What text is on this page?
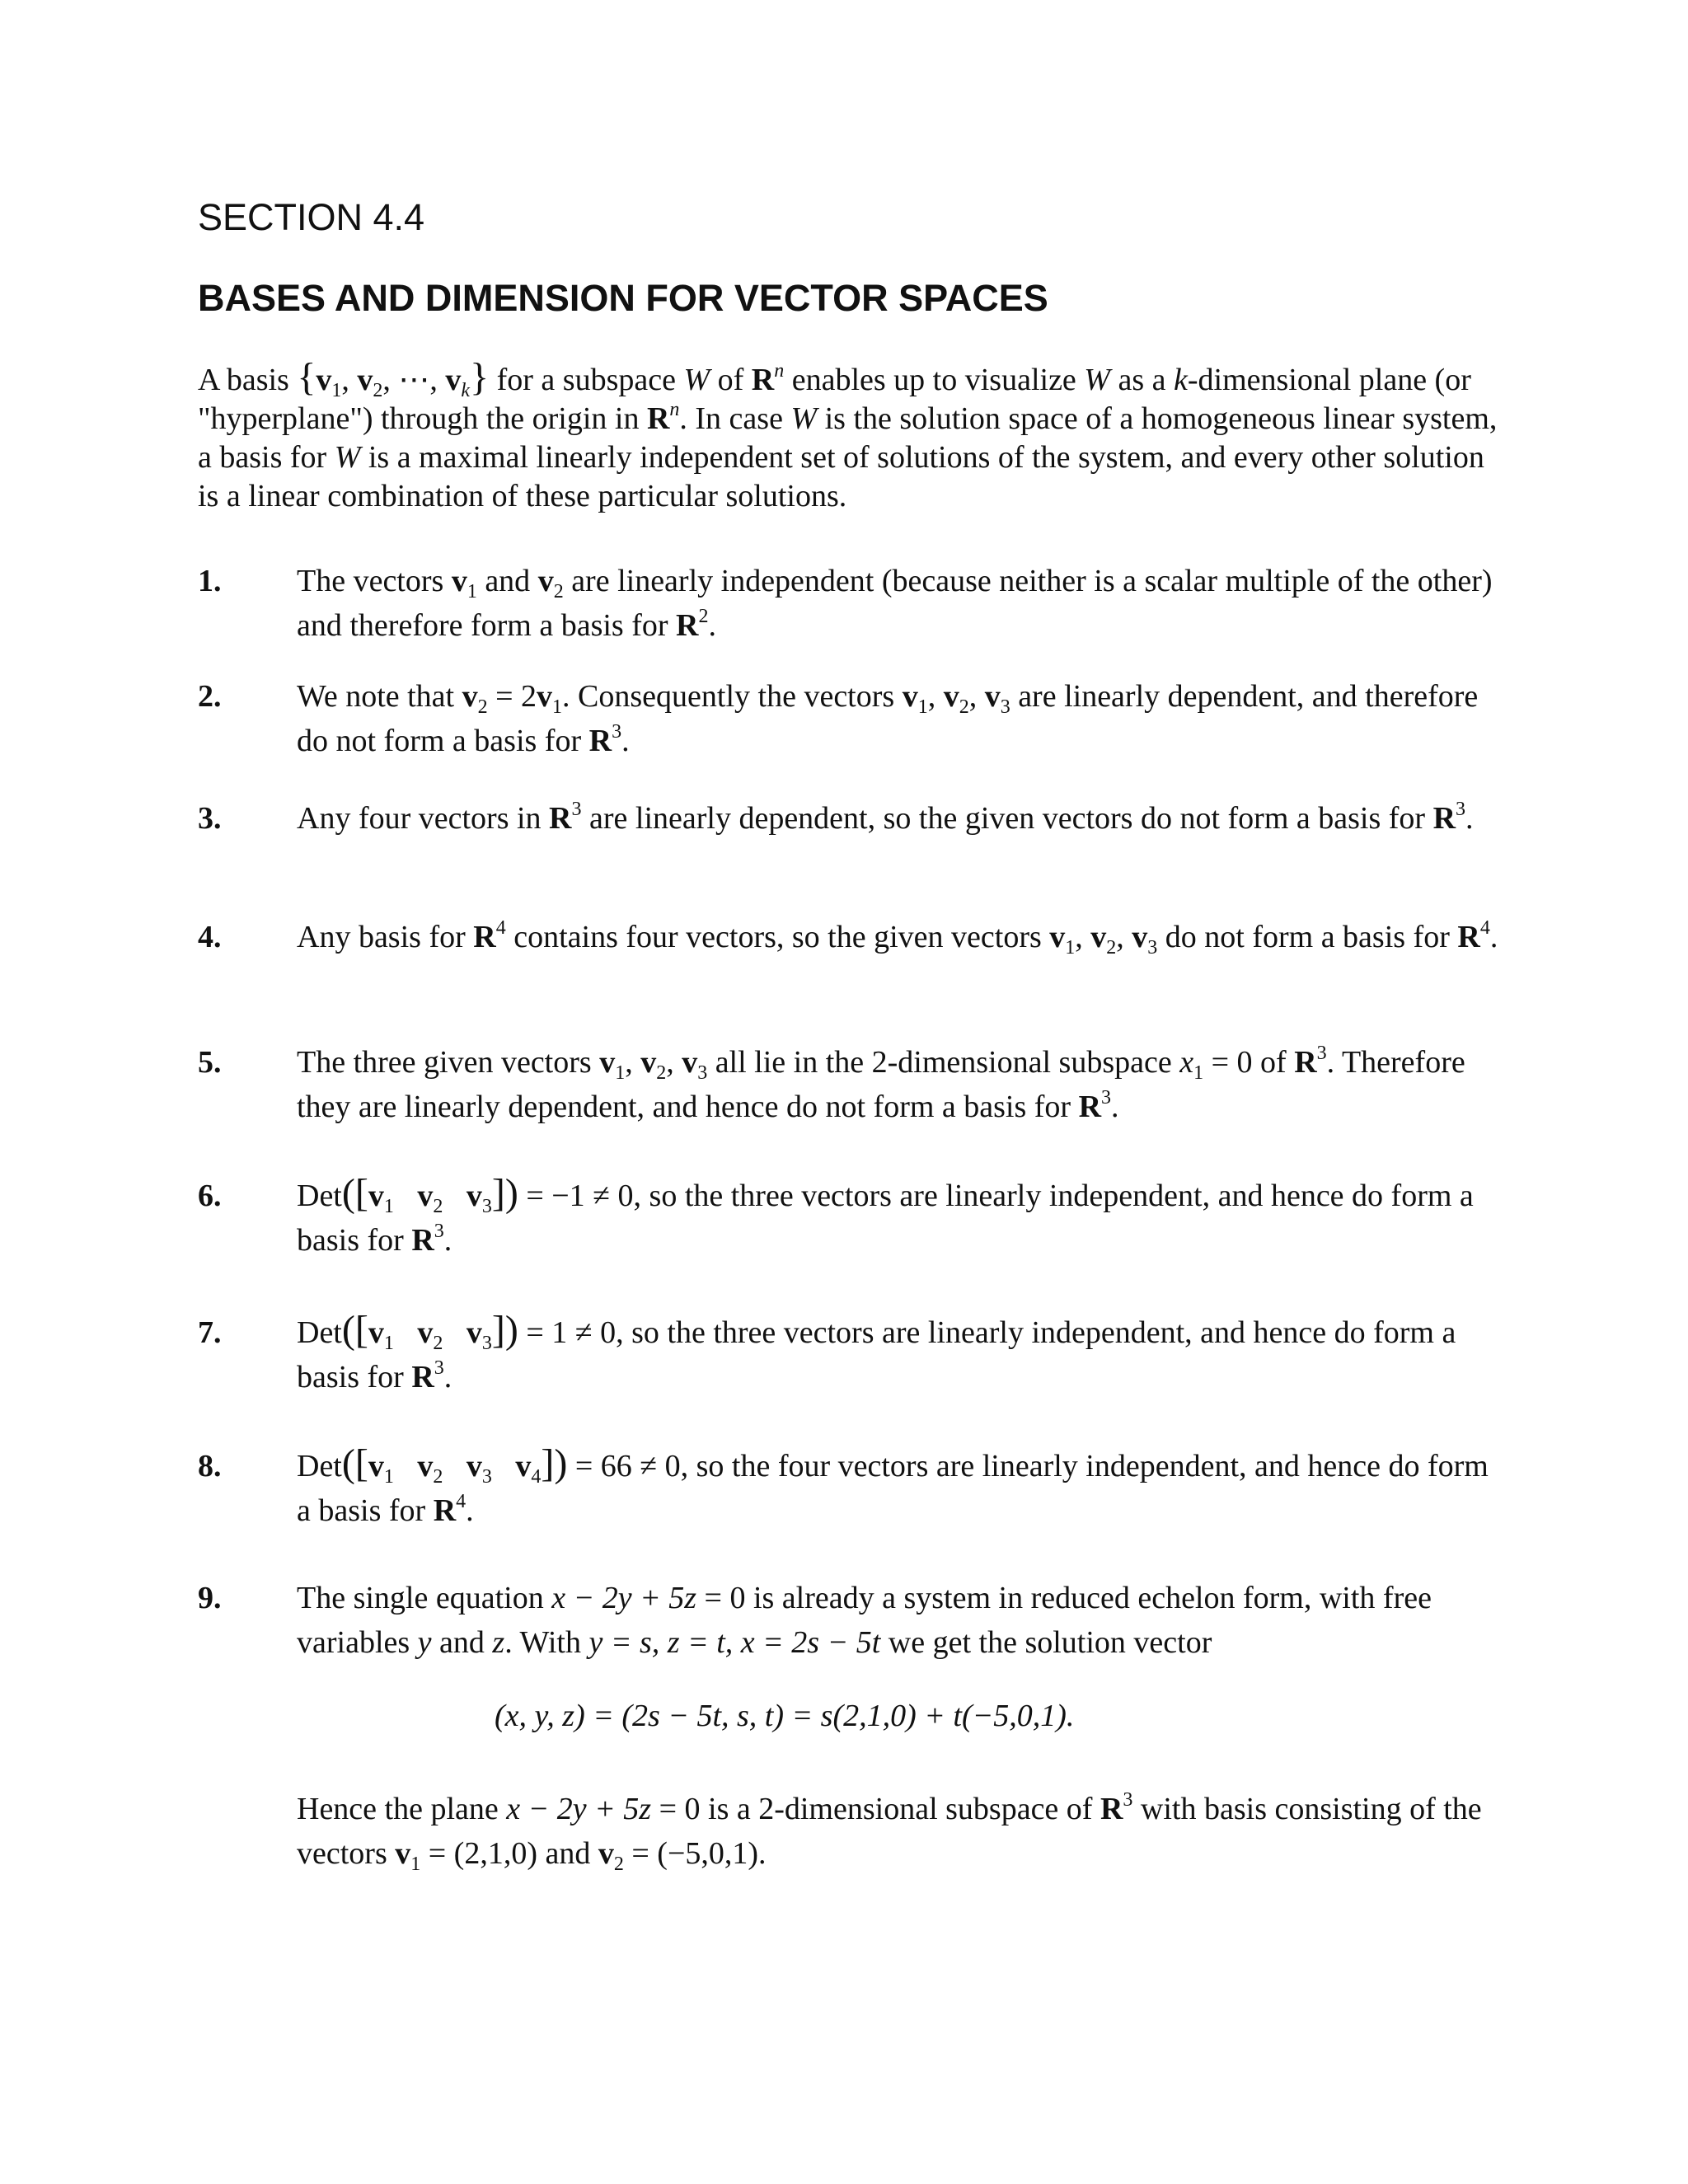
SECTION 4.4
BASES AND DIMENSION FOR VECTOR SPACES
A basis {$v_1$, $v_2$, ⋯, $v_k$} for a subspace W of $R^n$ enables up to visualize W as a k-dimensional plane (or "hyperplane") through the origin in $R^n$. In case W is the solution space of a homogeneous linear system, a basis for W is a maximal linearly independent set of solutions of the system, and every other solution is a linear combination of these particular solutions.
1. The vectors $v_1$ and $v_2$ are linearly independent (because neither is a scalar multiple of the other) and therefore form a basis for $R^2$.
2. We note that $v_2 = 2v_1$. Consequently the vectors $v_1$, $v_2$, $v_3$ are linearly dependent, and therefore do not form a basis for $R^3$.
3. Any four vectors in $R^3$ are linearly dependent, so the given vectors do not form a basis for $R^3$.
4. Any basis for $R^4$ contains four vectors, so the given vectors $v_1$, $v_2$, $v_3$ do not form a basis for $R^4$.
5. The three given vectors $v_1$, $v_2$, $v_3$ all lie in the 2-dimensional subspace $x_1 = 0$ of $R^3$. Therefore they are linearly dependent, and hence do not form a basis for $R^3$.
6. $Det([v_1$ $v_2$ $v_3]) = -1 \ne 0$, so the three vectors are linearly independent, and hence do form a basis for $R^3$.
7. $Det([v_1$ $v_2$ $v_3]) = 1 \ne 0$, so the three vectors are linearly independent, and hence do form a basis for $R^3$.
8. $Det([v_1$ $v_2$ $v_3$ $v_4]) = 66 \ne 0$, so the four vectors are linearly independent, and hence do form a basis for $R^4$.
9. The single equation x − 2y + 5z = 0 is already a system in reduced echelon form, with free variables y and z. With y = s, z = t, x = 2s − 5t we get the solution vector
(x, y, z) = (2s − 5t, s, t) = s(2,1,0) + t(−5,0,1).
Hence the plane x − 2y + 5z = 0 is a 2-dimensional subspace of $R^3$ with basis consisting of the vectors $v_1 = (2,1,0)$ and $v_2 = (-5,0,1)$.
